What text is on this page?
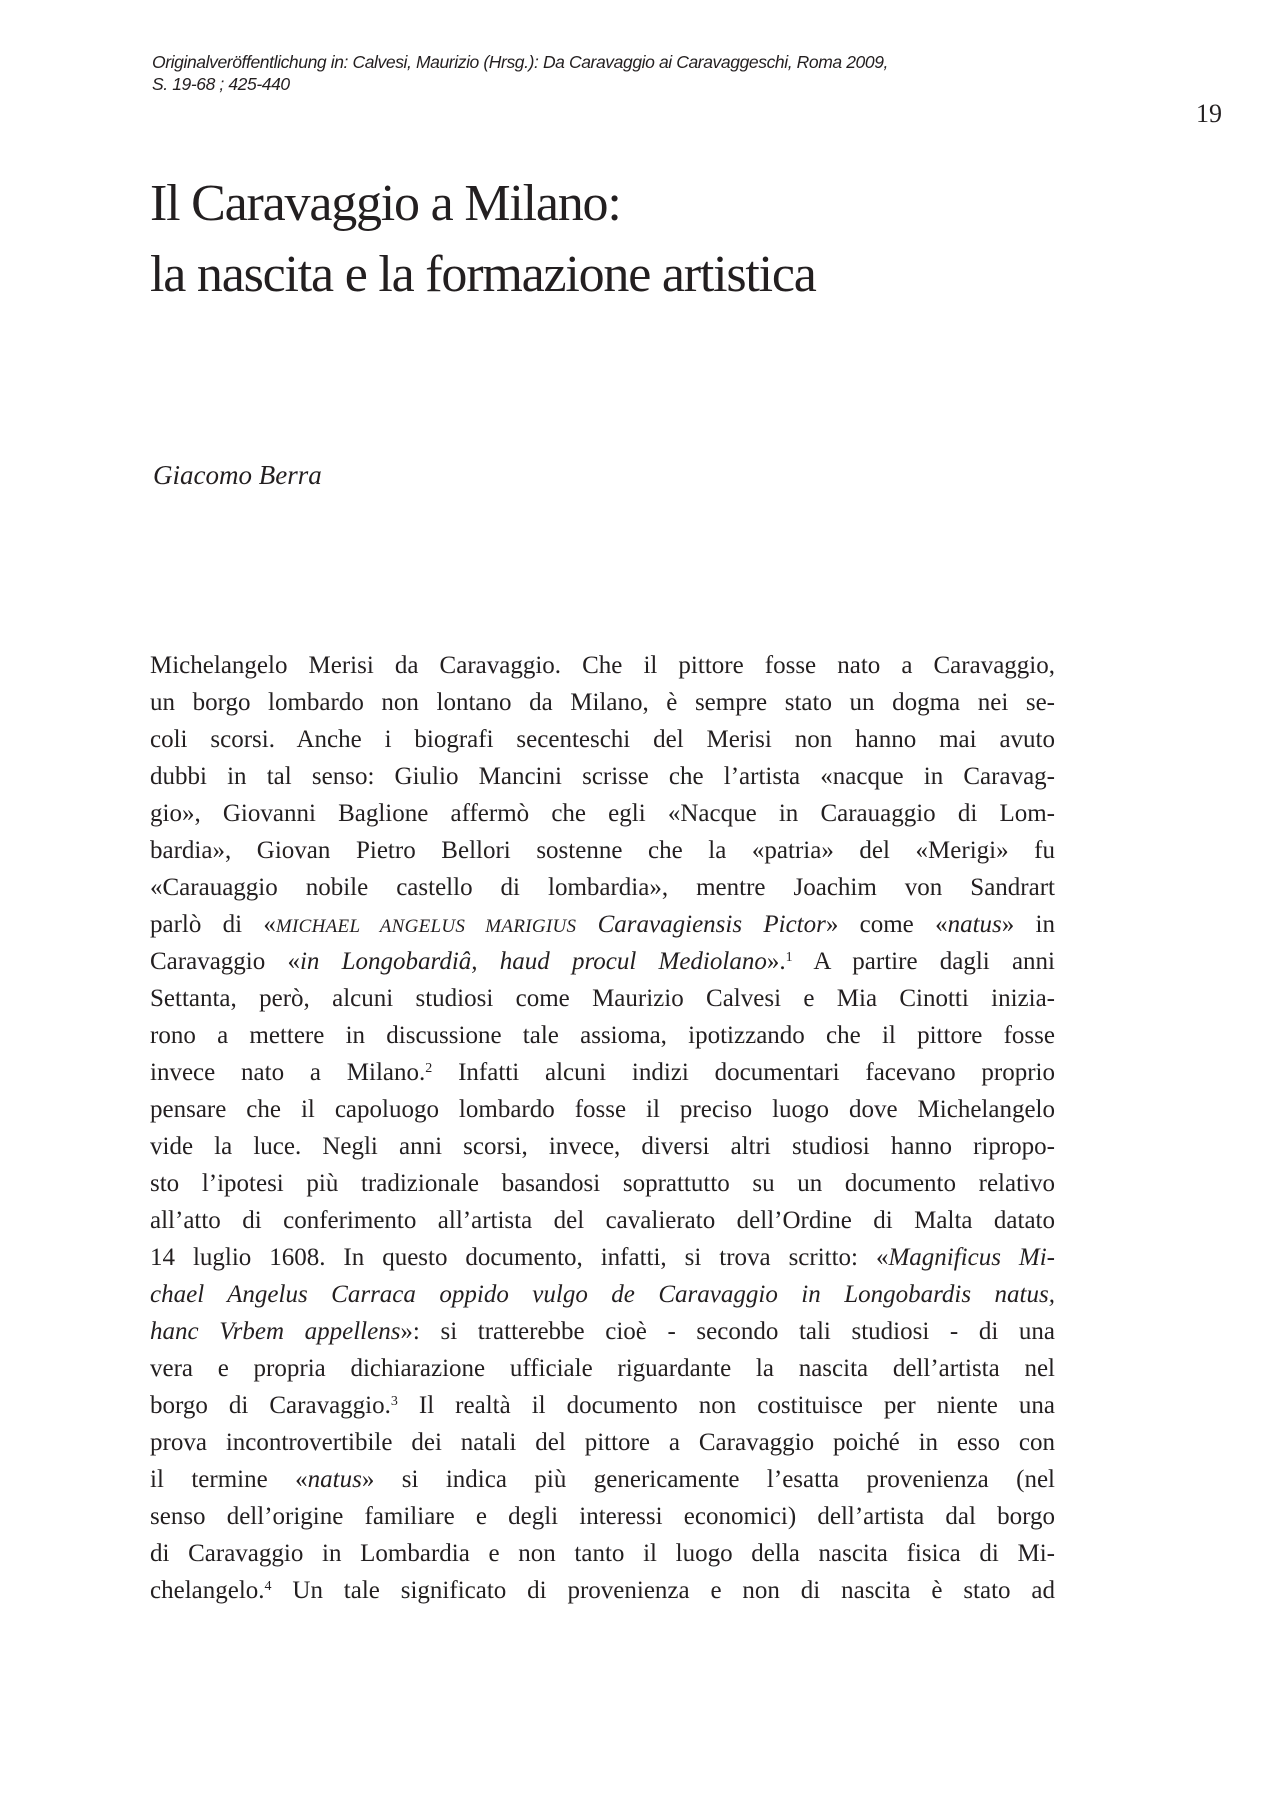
Originalveröffentlichung in: Calvesi, Maurizio (Hrsg.): Da Caravaggio ai Caravaggeschi, Roma 2009,
S. 19-68 ; 425-440
19
Il Caravaggio a Milano:
la nascita e la formazione artistica
Giacomo Berra
Michelangelo Merisi da Caravaggio. Che il pittore fosse nato a Caravaggio,
un borgo lombardo non lontano da Milano, è sempre stato un dogma nei se-
coli scorsi. Anche i biografi secenteschi del Merisi non hanno mai avuto
dubbi in tal senso: Giulio Mancini scrisse che l’artista «nacque in Caravag-
gio», Giovanni Baglione affermò che egli «Nacque in Carauaggio di Lom-
bardia», Giovan Pietro Bellori sostenne che la «patria» del «Merigi» fu
«Carauaggio nobile castello di lombardia», mentre Joachim von Sandrart
parlò di «MICHAEL ANGELUS MARIGIUS Caravagiensis Pictor» come «natus» in
Caravaggio «in Longobardiâ, haud procul Mediolano».$^1$ A partire dagli anni
Settanta, però, alcuni studiosi come Maurizio Calvesi e Mia Cinotti inizia-
rono a mettere in discussione tale assioma, ipotizzando che il pittore fosse
invece nato a Milano.$^2$ Infatti alcuni indizi documentari facevano proprio
pensare che il capoluogo lombardo fosse il preciso luogo dove Michelangelo
vide la luce. Negli anni scorsi, invece, diversi altri studiosi hanno ripropo-
sto l’ipotesi più tradizionale basandosi soprattutto su un documento relativo
all’atto di conferimento all’artista del cavalierato dell’Ordine di Malta datato
14 luglio 1608. In questo documento, infatti, si trova scritto: «Magnificus Mi-
chael Angelus Carraca oppido vulgo de Caravaggio in Longobardis natus,
hanc Vrbem appellens»: si tratterebbe cioè - secondo tali studiosi - di una
vera e propria dichiarazione ufficiale riguardante la nascita dell’artista nel
borgo di Caravaggio.$^3$ Il realtà il documento non costituisce per niente una
prova incontrovertibile dei natali del pittore a Caravaggio poiché in esso con
il termine «natus» si indica più genericamente l’esatta provenienza (nel
senso dell’origine familiare e degli interessi economici) dell’artista dal borgo
di Caravaggio in Lombardia e non tanto il luogo della nascita fisica di Mi-
chelangelo.$^4$ Un tale significato di provenienza e non di nascita è stato ad
